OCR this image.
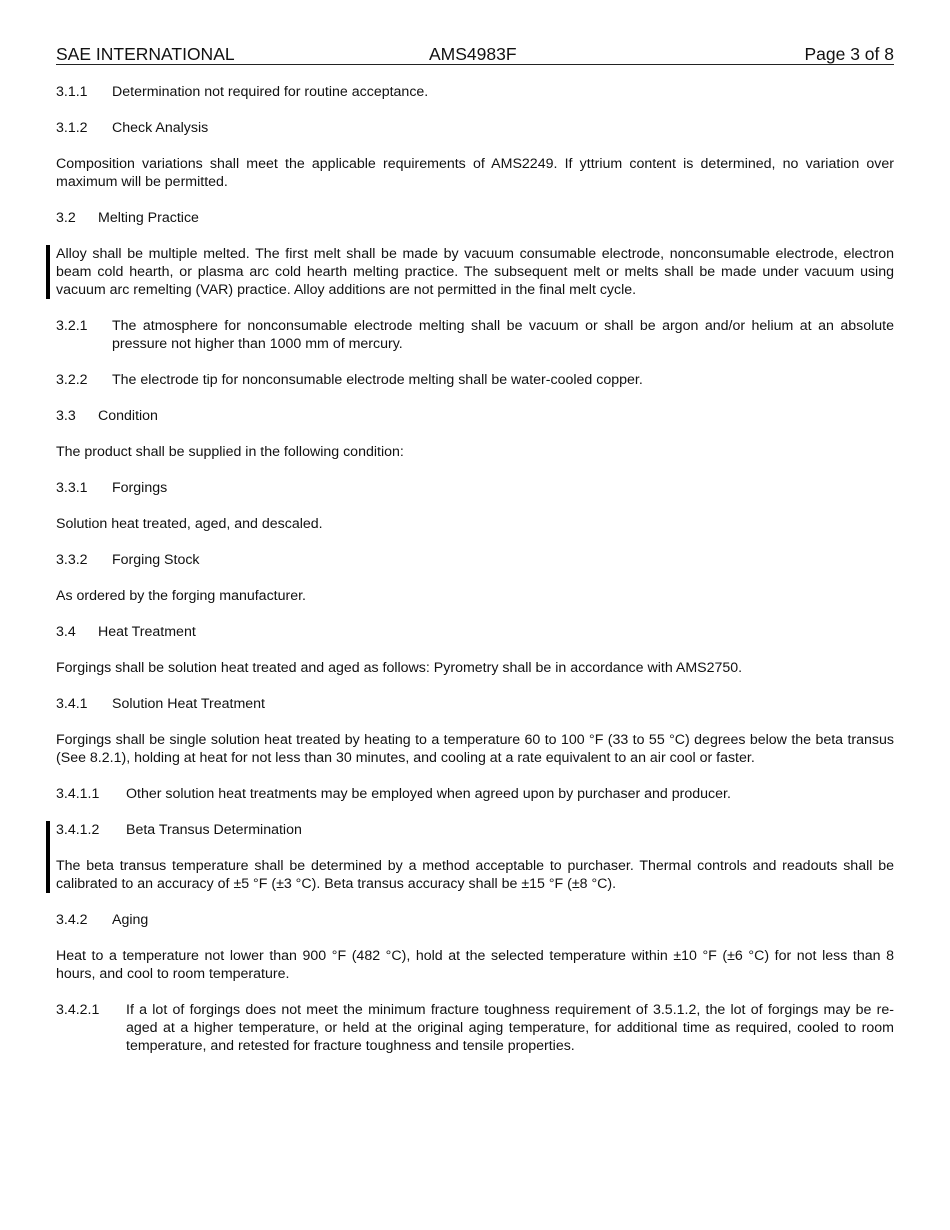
SAE INTERNATIONAL	AMS4983F	Page 3 of 8
3.1.1 Determination not required for routine acceptance.
3.1.2 Check Analysis
Composition variations shall meet the applicable requirements of AMS2249. If yttrium content is determined, no variation over maximum will be permitted.
3.2 Melting Practice
Alloy shall be multiple melted. The first melt shall be made by vacuum consumable electrode, nonconsumable electrode, electron beam cold hearth, or plasma arc cold hearth melting practice. The subsequent melt or melts shall be made under vacuum using vacuum arc remelting (VAR) practice. Alloy additions are not permitted in the final melt cycle.
3.2.1 The atmosphere for nonconsumable electrode melting shall be vacuum or shall be argon and/or helium at an absolute pressure not higher than 1000 mm of mercury.
3.2.2 The electrode tip for nonconsumable electrode melting shall be water-cooled copper.
3.3 Condition
The product shall be supplied in the following condition:
3.3.1 Forgings
Solution heat treated, aged, and descaled.
3.3.2 Forging Stock
As ordered by the forging manufacturer.
3.4 Heat Treatment
Forgings shall be solution heat treated and aged as follows: Pyrometry shall be in accordance with AMS2750.
3.4.1 Solution Heat Treatment
Forgings shall be single solution heat treated by heating to a temperature 60 to 100 °F (33 to 55 °C) degrees below the beta transus (See 8.2.1), holding at heat for not less than 30 minutes, and cooling at a rate equivalent to an air cool or faster.
3.4.1.1 Other solution heat treatments may be employed when agreed upon by purchaser and producer.
3.4.1.2 Beta Transus Determination
The beta transus temperature shall be determined by a method acceptable to purchaser. Thermal controls and readouts shall be calibrated to an accuracy of ±5 °F (±3 °C). Beta transus accuracy shall be ±15 °F (±8 °C).
3.4.2 Aging
Heat to a temperature not lower than 900 °F (482 °C), hold at the selected temperature within ±10 °F (±6 °C) for not less than 8 hours, and cool to room temperature.
3.4.2.1 If a lot of forgings does not meet the minimum fracture toughness requirement of 3.5.1.2, the lot of forgings may be re-aged at a higher temperature, or held at the original aging temperature, for additional time as required, cooled to room temperature, and retested for fracture toughness and tensile properties.
